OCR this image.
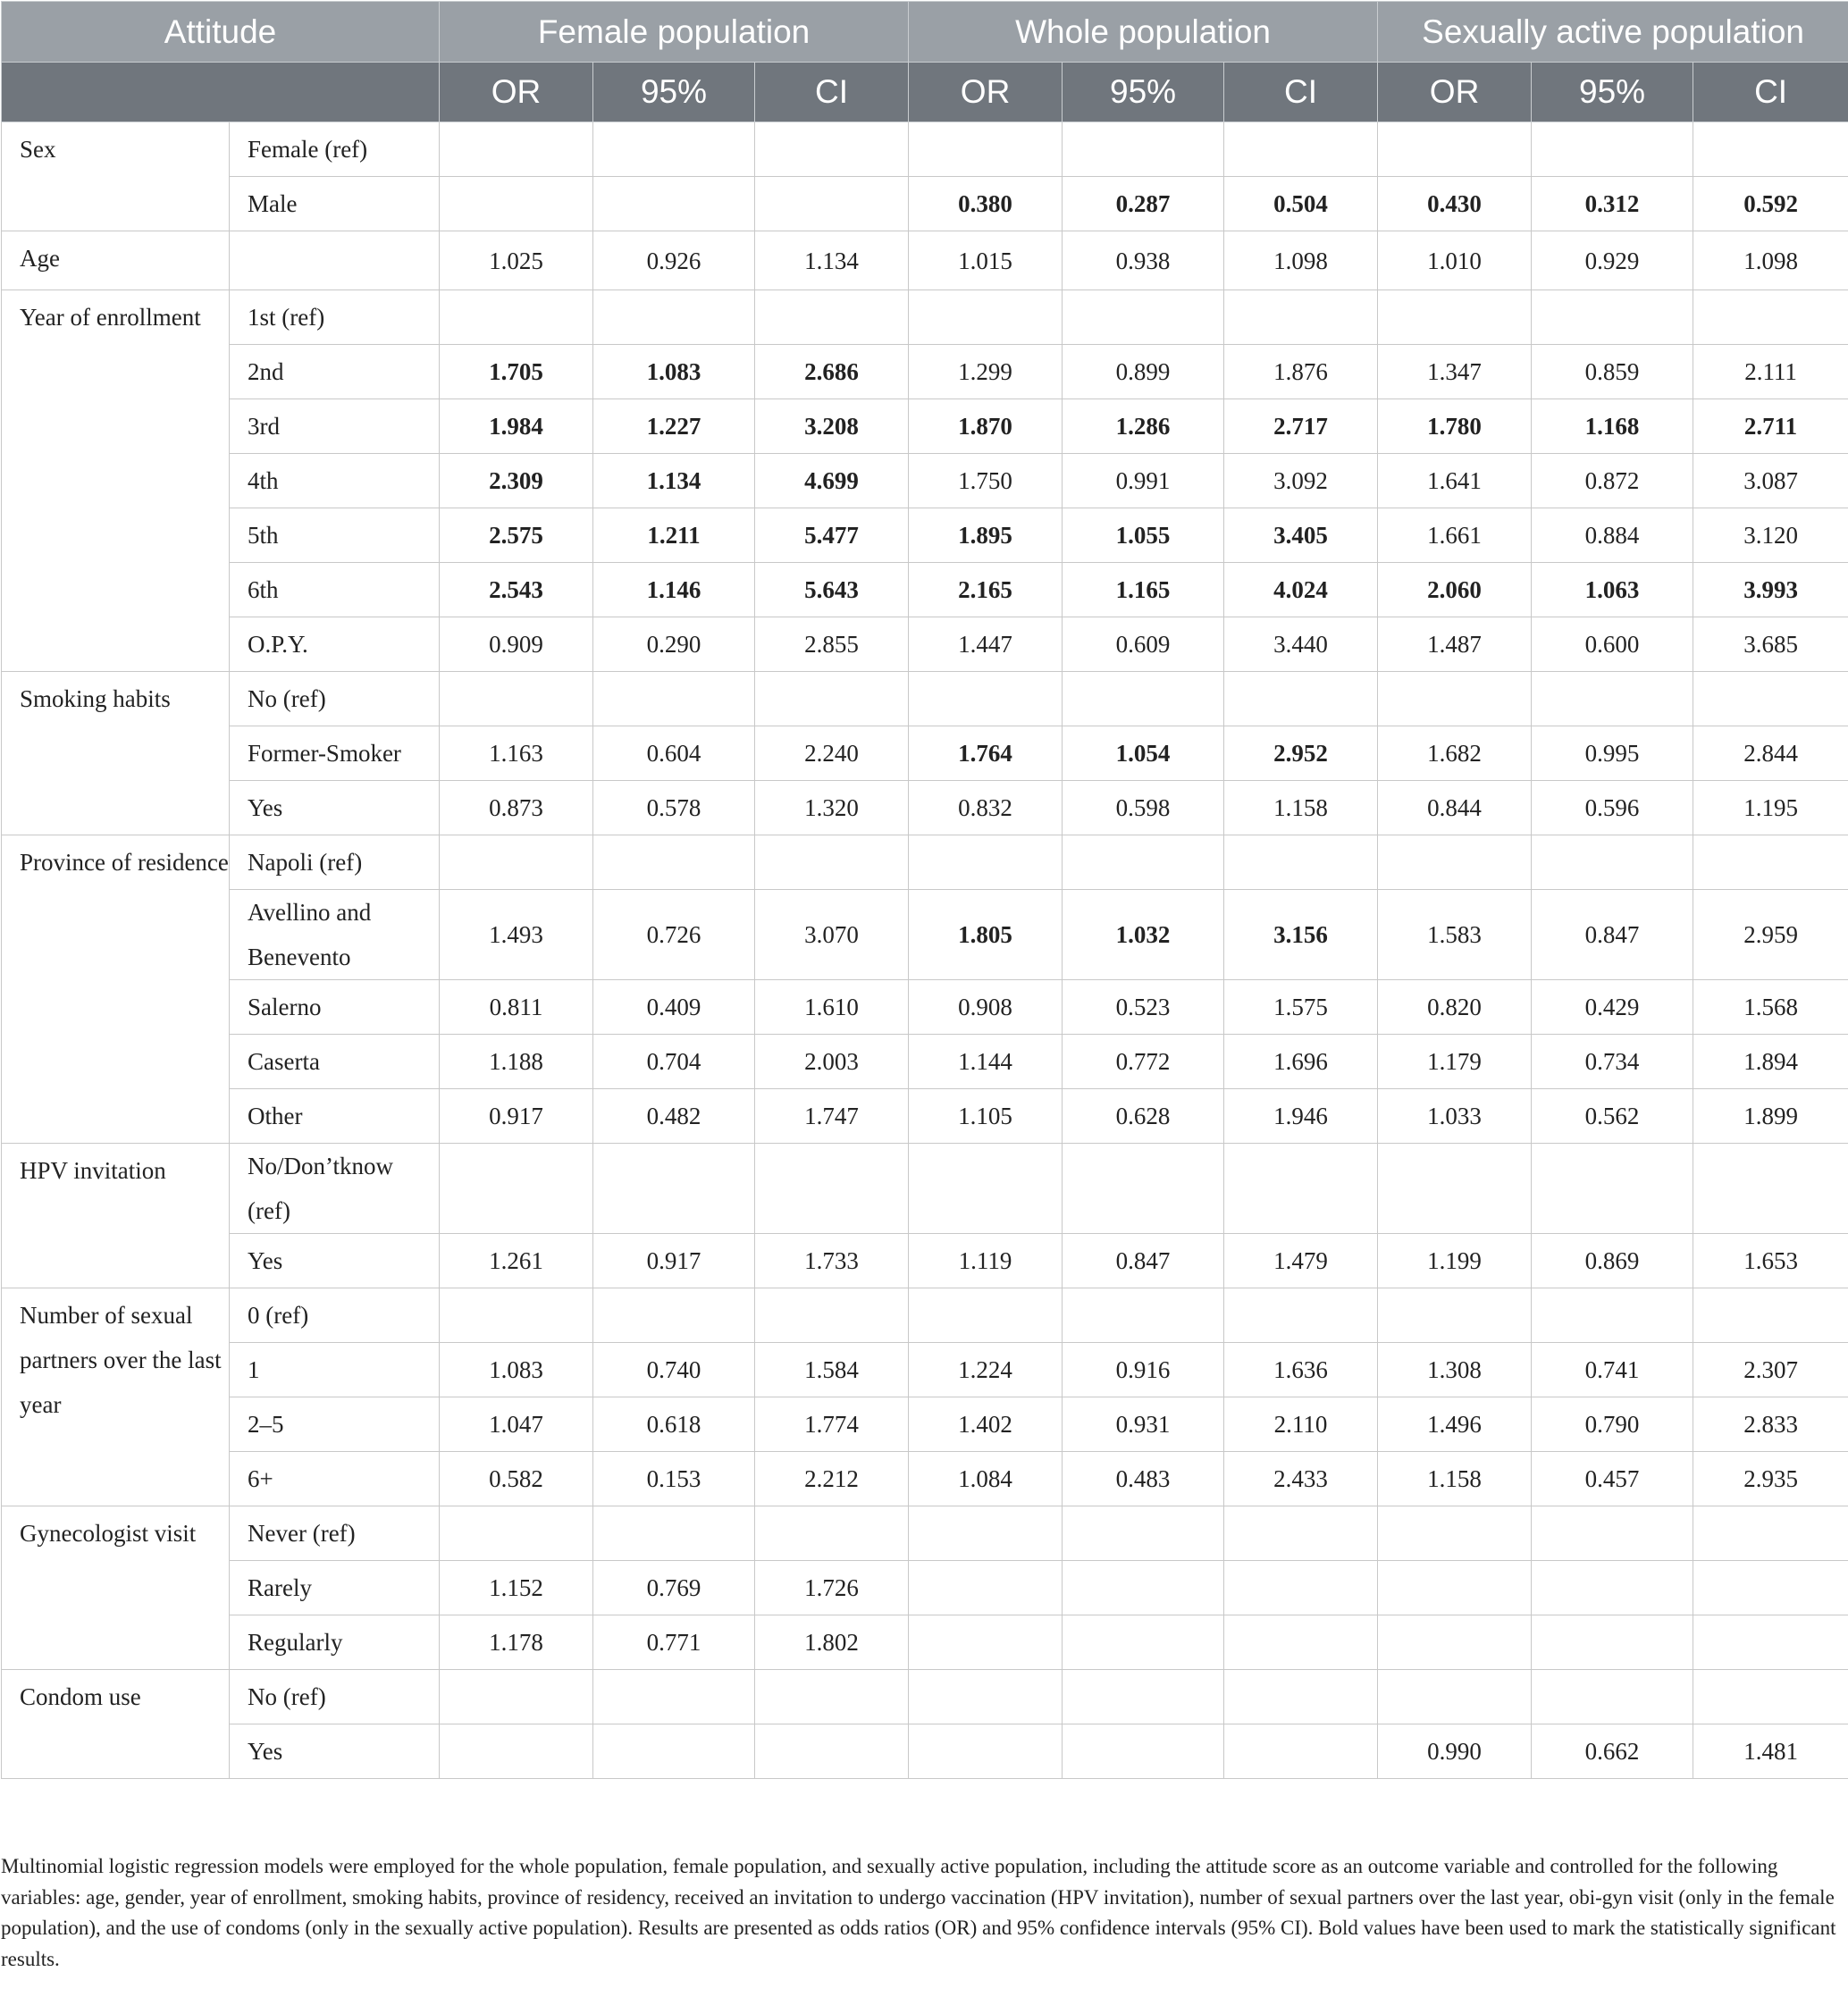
Attitude		Female population			Whole population			Sexually active population		
		OR	95%	CI	OR	95%	CI	OR	95%	CI
Sex	Female (ref)									
	Male				0.380	0.287	0.504	0.430	0.312	0.592
Age		1.025	0.926	1.134	1.015	0.938	1.098	1.010	0.929	1.098
Year of enrollment	1st (ref)									
	2nd	1.705	1.083	2.686	1.299	0.899	1.876	1.347	0.859	2.111
	3rd	1.984	1.227	3.208	1.870	1.286	2.717	1.780	1.168	2.711
	4th	2.309	1.134	4.699	1.750	0.991	3.092	1.641	0.872	3.087
	5th	2.575	1.211	5.477	1.895	1.055	3.405	1.661	0.884	3.120
	6th	2.543	1.146	5.643	2.165	1.165	4.024	2.060	1.063	3.993
	O.P.Y.	0.909	0.290	2.855	1.447	0.609	3.440	1.487	0.600	3.685
Smoking habits	No (ref)									
	Former-Smoker	1.163	0.604	2.240	1.764	1.054	2.952	1.682	0.995	2.844
	Yes	0.873	0.578	1.320	0.832	0.598	1.158	0.844	0.596	1.195
Province of residence	Napoli (ref)									
	Avellino and Benevento	1.493	0.726	3.070	1.805	1.032	3.156	1.583	0.847	2.959
	Salerno	0.811	0.409	1.610	0.908	0.523	1.575	0.820	0.429	1.568
	Caserta	1.188	0.704	2.003	1.144	0.772	1.696	1.179	0.734	1.894
	Other	0.917	0.482	1.747	1.105	0.628	1.946	1.033	0.562	1.899
HPV invitation	No/Don’tknow (ref)									
	Yes	1.261	0.917	1.733	1.119	0.847	1.479	1.199	0.869	1.653
Number of sexual partners over the last year	0 (ref)									
	1	1.083	0.740	1.584	1.224	0.916	1.636	1.308	0.741	2.307
	2–5	1.047	0.618	1.774	1.402	0.931	2.110	1.496	0.790	2.833
	6+	0.582	0.153	2.212	1.084	0.483	2.433	1.158	0.457	2.935
Gynecologist visit	Never (ref)									
	Rarely	1.152	0.769	1.726						
	Regularly	1.178	0.771	1.802						
Condom use	No (ref)									
	Yes							0.990	0.662	1.481

Multinomial logistic regression models were employed for the whole population, female population, and sexually active population, including the attitude score as an outcome variable and controlled for the following variables: age, gender, year of enrollment, smoking habits, province of residency, received an invitation to undergo vaccination (HPV invitation), number of sexual partners over the last year, obi-gyn visit (only in the female population), and the use of condoms (only in the sexually active population). Results are presented as odds ratios (OR) and 95% confidence intervals (95% CI). Bold values have been used to mark the statistically significant results.
